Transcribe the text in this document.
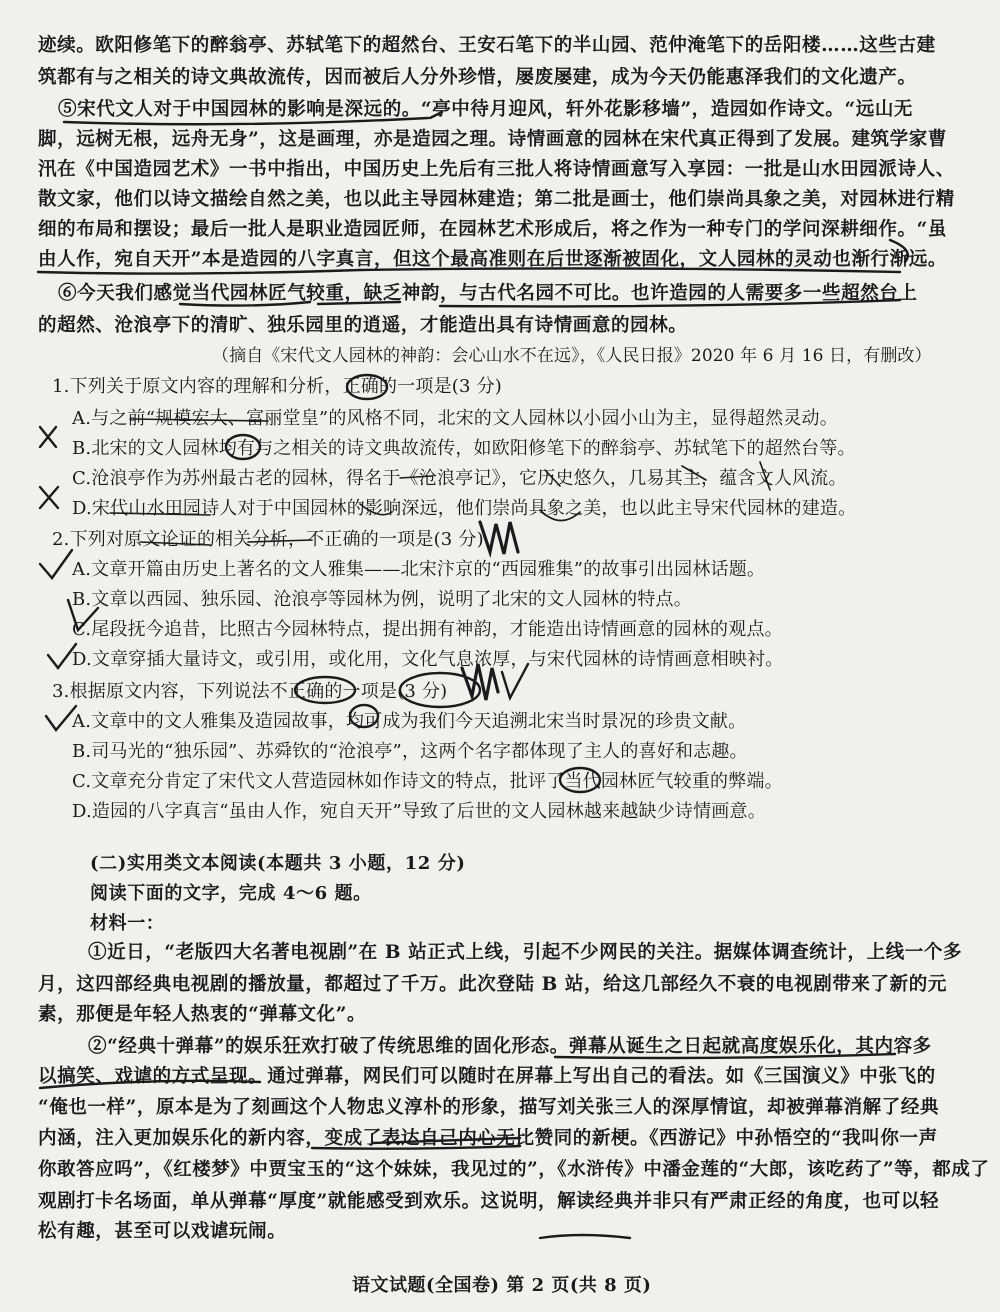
迹续。欧阳修笔下的醉翁亭、苏轼笔下的超然台、王安石笔下的半山园、范仲淹笔下的岳阳楼……这些古建

筑都有与之相关的诗文典故流传，因而被后人分外珍惜，屡废屡建，成为今天仍能惠泽我们的文化遗产。

⑤宋代文人对于中国园林的影响是深远的。“亭中待月迎风，轩外花影移墙”，造园如作诗文。“远山无

脚，远树无根，远舟无身”，这是画理，亦是造园之理。诗情画意的园林在宋代真正得到了发展。建筑学家曹

汛在《中国造园艺术》一书中指出，中国历史上先后有三批人将诗情画意写入享园：一批是山水田园派诗人、

散文家，他们以诗文描绘自然之美，也以此主导园林建造；第二批是画士，他们崇尚具象之美，对园林进行精

细的布局和摆设；最后一批人是职业造园匠师，在园林艺术形成后，将之作为一种专门的学问深耕细作。“虽

由人作，宛自天开”本是造园的八字真言，但这个最高准则在后世逐渐被固化，文人园林的灵动也渐行渐远。

⑥今天我们感觉当代园林匠气较重，缺乏神韵，与古代名园不可比。也许造园的人需要多一些超然台上

的超然、沧浪亭下的清旷、独乐园里的逍遥，才能造出具有诗情画意的园林。

（摘自《宋代文人园林的神韵：会心山水不在远》，《人民日报》2020 年 6 月 16 日，有删改）

1.下列关于原文内容的理解和分析，正确的一项是(3 分)

A.与之前“规模宏大、富丽堂皇”的风格不同，北宋的文人园林以小园小山为主，显得超然灵动。

B.北宋的文人园林均有与之相关的诗文典故流传，如欧阳修笔下的醉翁亭、苏轼笔下的超然台等。

C.沧浪亭作为苏州最古老的园林，得名于《沧浪亭记》，它历史悠久，几易其主，蕴含文人风流。

D.宋代山水田园诗人对于中国园林的影响深远，他们崇尚具象之美，也以此主导宋代园林的建造。

2.下列对原文论证的相关分析，不正确的一项是(3 分)

A.文章开篇由历史上著名的文人雅集——北宋汴京的“西园雅集”的故事引出园林话题。

B.文章以西园、独乐园、沧浪亭等园林为例，说明了北宋的文人园林的特点。

C.尾段抚今追昔，比照古今园林特点，提出拥有神韵，才能造出诗情画意的园林的观点。

D.文章穿插大量诗文，或引用，或化用，文化气息浓厚，与宋代园林的诗情画意相映衬。

3.根据原文内容，下列说法不正确的一项是(3 分)

A.文章中的文人雅集及造园故事，均可成为我们今天追溯北宋当时景况的珍贵文献。

B.司马光的“独乐园”、苏舜钦的“沧浪亭”，这两个名字都体现了主人的喜好和志趣。

C.文章充分肯定了宋代文人营造园林如作诗文的特点，批评了当代园林匠气较重的弊端。

D.造园的八字真言“虽由人作，宛自天开”导致了后世的文人园林越来越缺少诗情画意。

(二)实用类文本阅读(本题共 3 小题，12 分)

阅读下面的文字，完成 4～6 题。

材料一：

①近日，“老版四大名著电视剧”在 B 站正式上线，引起不少网民的关注。据媒体调查统计，上线一个多

月，这四部经典电视剧的播放量，都超过了千万。此次登陆 B 站，给这几部经久不衰的电视剧带来了新的元

素，那便是年轻人热衷的“弹幕文化”。

②“经典十弹幕”的娱乐狂欢打破了传统思维的固化形态。弹幕从诞生之日起就高度娱乐化，其内容多

以搞笑、戏谑的方式呈现。通过弹幕，网民们可以随时在屏幕上写出自己的看法。如《三国演义》中张飞的

“俺也一样”，原本是为了刻画这个人物忠义淳朴的形象，描写刘关张三人的深厚情谊，却被弹幕消解了经典

内涵，注入更加娱乐化的新内容，变成了表达自己内心无比赞同的新梗。《西游记》中孙悟空的“我叫你一声

你敢答应吗”，《红楼梦》中贾宝玉的“这个妹妹，我见过的”，《水浒传》中潘金莲的“大郎，该吃药了”等，都成了

观剧打卡名场面，单从弹幕“厚度”就能感受到欢乐。这说明，解读经典并非只有严肃正经的角度，也可以轻

松有趣，甚至可以戏谑玩闹。

语文试题(全国卷) 第 2 页(共 8 页)
